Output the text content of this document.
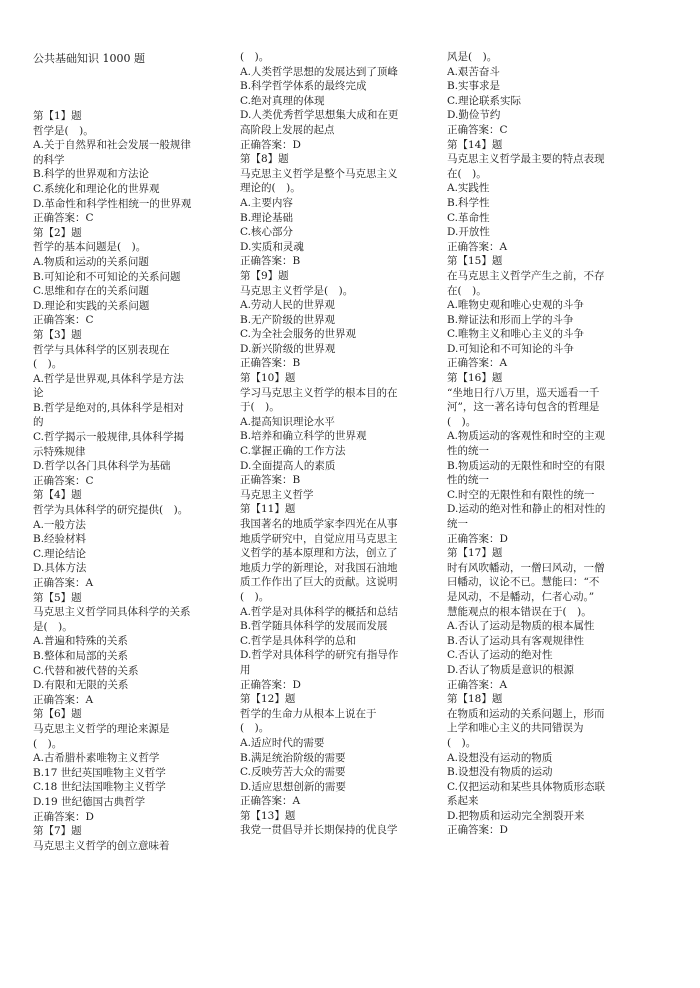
公共基础知识 1000 题
第【1】题
哲学是(　)。
A.关于自然界和社会发展一般规律
的科学
B.科学的世界观和方法论
C.系统化和理论化的世界观
D.革命性和科学性相统一的世界观
正确答案：C
第【2】题
哲学的基本问题是(　)。
A.物质和运动的关系问题
B.可知论和不可知论的关系问题
C.思维和存在的关系问题
D.理论和实践的关系问题
正确答案：C
第【3】题
哲学与具体科学的区别表现在
(　)。
A.哲学是世界观,具体科学是方法
论
B.哲学是绝对的,具体科学是相对
的
C.哲学揭示一般规律,具体科学揭
示特殊规律
D.哲学以各门具体科学为基础
正确答案：C
第【4】题
哲学为具体科学的研究提供(　)。
A.一般方法
B.经验材料
C.理论结论
D.具体方法
正确答案：A
第【5】题
马克思主义哲学同具体科学的关系
是(　)。
A.普遍和特殊的关系
B.整体和局部的关系
C.代替和被代替的关系
D.有限和无限的关系
正确答案：A
第【6】题
马克思主义哲学的理论来源是
(　)。
A.古希腊朴素唯物主义哲学
B.17 世纪英国唯物主义哲学
C.18 世纪法国唯物主义哲学
D.19 世纪德国古典哲学
正确答案：D
第【7】题
马克思主义哲学的创立意味着
(　)。
A.人类哲学思想的发展达到了顶峰
B.科学哲学体系的最终完成
C.绝对真理的体现
D.人类优秀哲学思想集大成和在更
高阶段上发展的起点
正确答案：D
第【8】题
马克思主义哲学是整个马克思主义
理论的(　)。
A.主要内容
B.理论基础
C.核心部分
D.实质和灵魂
正确答案：B
第【9】题
马克思主义哲学是(　)。
A.劳动人民的世界观
B.无产阶级的世界观
C.为全社会服务的世界观
D.新兴阶级的世界观
正确答案：B
第【10】题
学习马克思主义哲学的根本目的在
于(　)。
A.提高知识理论水平
B.培养和确立科学的世界观
C.掌握正确的工作方法
D.全面提高人的素质
正确答案：B
马克思主义哲学
第【11】题
我国著名的地质学家李四光在从事
地质学研究中，自觉应用马克思主
义哲学的基本原理和方法，创立了
地质力学的新理论，对我国石油地
质工作作出了巨大的贡献。这说明
(　)。
A.哲学是对具体科学的概括和总结
B.哲学随具体科学的发展而发展
C.哲学是具体科学的总和
D.哲学对具体科学的研究有指导作
用
正确答案：D
第【12】题
哲学的生命力从根本上说在于
(　)。
A.适应时代的需要
B.满足统治阶级的需要
C.反映劳苦大众的需要
D.适应思想创新的需要
正确答案：A
第【13】题
我党一贯倡导并长期保持的优良学
风是(　)。
A.艰苦奋斗
B.实事求是
C.理论联系实际
D.勤俭节约
正确答案：C
第【14】题
马克思主义哲学最主要的特点表现
在(　)。
A.实践性
B.科学性
C.革命性
D.开放性
正确答案：A
第【15】题
在马克思主义哲学产生之前，不存
在(　)。
A.唯物史观和唯心史观的斗争
B.辩证法和形而上学的斗争
C.唯物主义和唯心主义的斗争
D.可知论和不可知论的斗争
正确答案：A
第【16】题
“坐地日行八万里，巡天遥看一千
河”，这一著名诗句包含的哲理是
(　)。
A.物质运动的客观性和时空的主观
性的统一
B.物质运动的无限性和时空的有限
性的统一
C.时空的无限性和有限性的统一
D.运动的绝对性和静止的相对性的
统一
正确答案：D
第【17】题
时有风吹幡动，一僧曰风动，一僧
曰幡动，议论不已。慧能曰：“不
是风动，不是幡动，仁者心动。”
慧能观点的根本错误在于(　)。
A.否认了运动是物质的根本属性
B.否认了运动具有客观规律性
C.否认了运动的绝对性
D.否认了物质是意识的根源
正确答案：A
第【18】题
在物质和运动的关系问题上，形而
上学和唯心主义的共同错误为
(　)。
A.设想没有运动的物质
B.设想没有物质的运动
C.仅把运动和某些具体物质形态联
系起来
D.把物质和运动完全割裂开来
正确答案：D
